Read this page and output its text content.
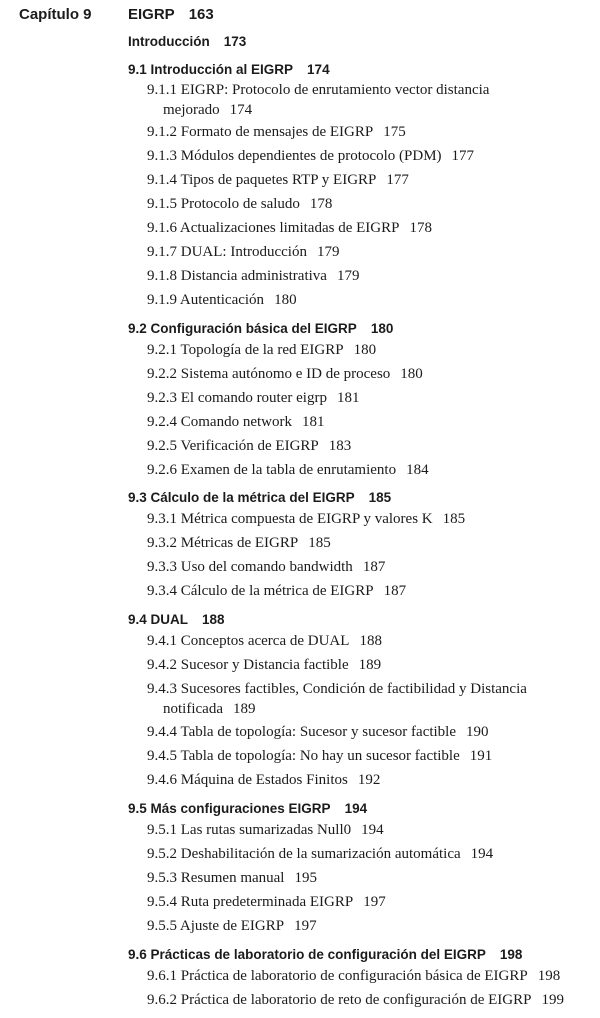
Capítulo 9 EIGRP 163
Introducción 173
9.1 Introducción al EIGRP 174
9.1.1 EIGRP: Protocolo de enrutamiento vector distancia
mejorado 174
9.1.2 Formato de mensajes de EIGRP 175
9.1.3 Módulos dependientes de protocolo (PDM) 177
9.1.4 Tipos de paquetes RTP y EIGRP 177
9.1.5 Protocolo de saludo 178
9.1.6 Actualizaciones limitadas de EIGRP 178
9.1.7 DUAL: Introducción 179
9.1.8 Distancia administrativa 179
9.1.9 Autenticación 180
9.2 Configuración básica del EIGRP 180
9.2.1 Topología de la red EIGRP 180
9.2.2 Sistema autónomo e ID de proceso 180
9.2.3 El comando router eigrp 181
9.2.4 Comando network 181
9.2.5 Verificación de EIGRP 183
9.2.6 Examen de la tabla de enrutamiento 184
9.3 Cálculo de la métrica del EIGRP 185
9.3.1 Métrica compuesta de EIGRP y valores K 185
9.3.2 Métricas de EIGRP 185
9.3.3 Uso del comando bandwidth 187
9.3.4 Cálculo de la métrica de EIGRP 187
9.4 DUAL 188
9.4.1 Conceptos acerca de DUAL 188
9.4.2 Sucesor y Distancia factible 189
9.4.3 Sucesores factibles, Condición de factibilidad y Distancia
notificada 189
9.4.4 Tabla de topología: Sucesor y sucesor factible 190
9.4.5 Tabla de topología: No hay un sucesor factible 191
9.4.6 Máquina de Estados Finitos 192
9.5 Más configuraciones EIGRP 194
9.5.1 Las rutas sumarizadas Null0 194
9.5.2 Deshabilitación de la sumarización automática 194
9.5.3 Resumen manual 195
9.5.4 Ruta predeterminada EIGRP 197
9.5.5 Ajuste de EIGRP 197
9.6 Prácticas de laboratorio de configuración del EIGRP 198
9.6.1 Práctica de laboratorio de configuración básica de EIGRP 198
9.6.2 Práctica de laboratorio de reto de configuración de EIGRP 199
